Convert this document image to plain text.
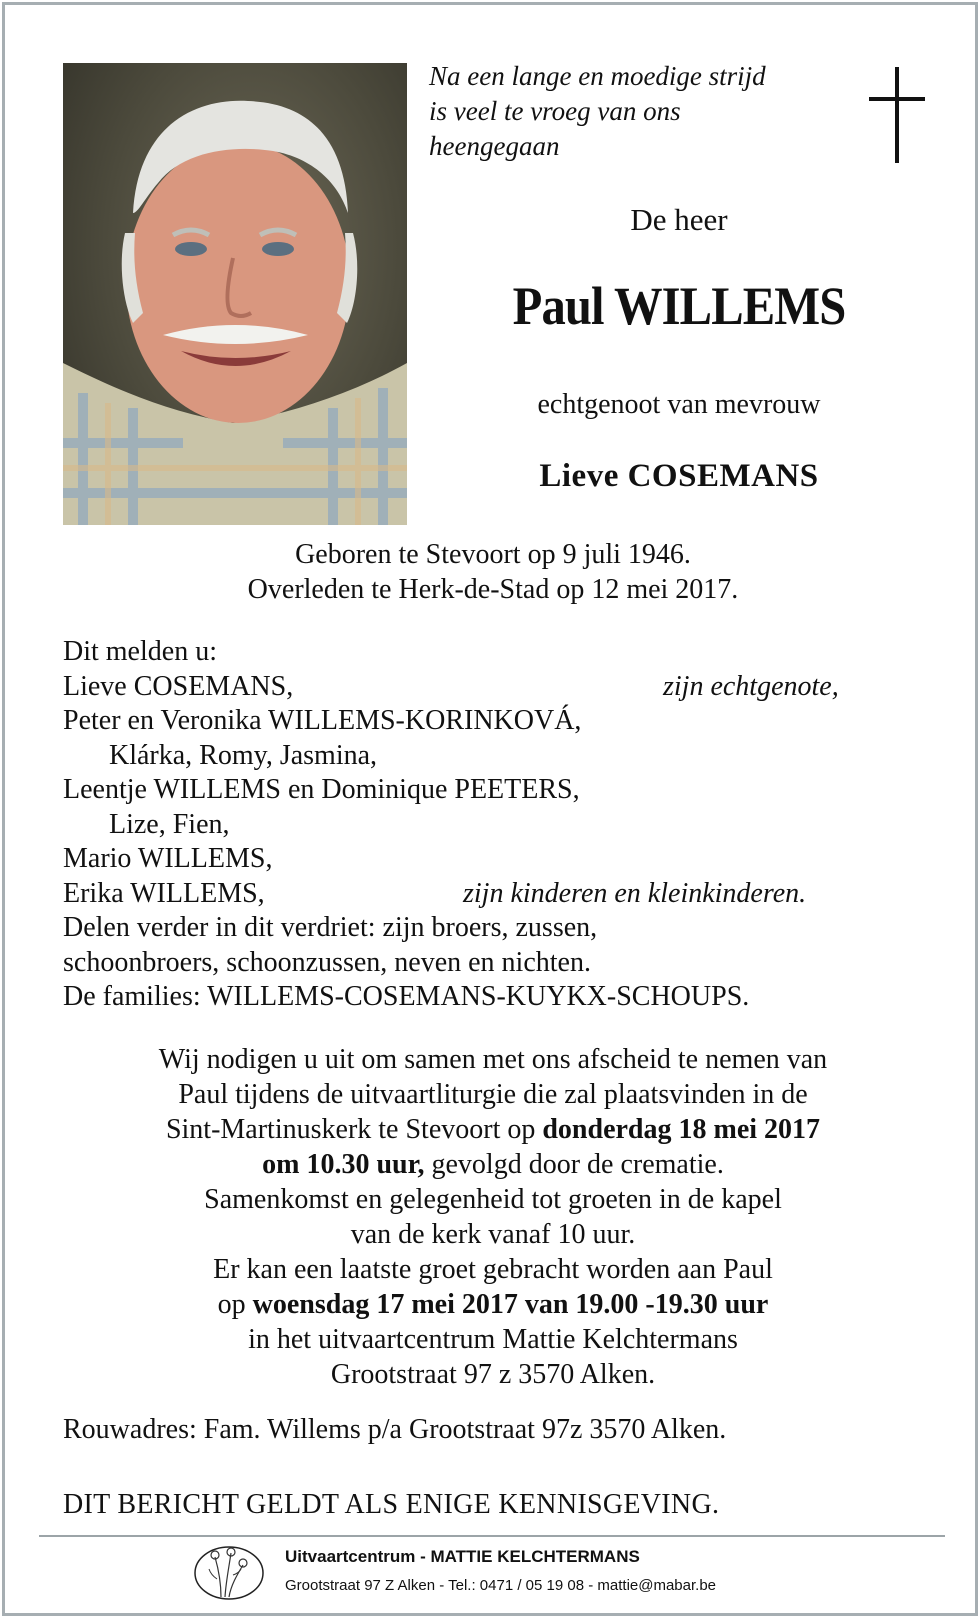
Na een lange en moedige strijd
is veel te vroeg van ons
heengegaan
De heer
Paul WILLEMS
echtgenoot van mevrouw
Lieve COSEMANS
Geboren te Stevoort op 9 juli 1946.
Overleden te Herk-de-Stad op 12 mei 2017.
Dit melden u:
Lieve COSEMANS,	zijn echtgenote,
Peter en Veronika WILLEMS-KORINKOVÁ,
Klárka, Romy, Jasmina,
Leentje WILLEMS en Dominique PEETERS,
Lize, Fien,
Mario WILLEMS,
Erika WILLEMS,	zijn kinderen en kleinkinderen.
Delen verder in dit verdriet: zijn broers, zussen,
schoonbroers, schoonzussen, neven en nichten.
De families: WILLEMS-COSEMANS-KUYKX-SCHOUPS.
Wij nodigen u uit om samen met ons afscheid te nemen van
Paul tijdens de uitvaartliturgie die zal plaatsvinden in de
Sint-Martinuskerk te Stevoort op donderdag 18 mei 2017
om 10.30 uur, gevolgd door de crematie.
Samenkomst en gelegenheid tot groeten in de kapel
van de kerk vanaf 10 uur.
Er kan een laatste groet gebracht worden aan Paul
op woensdag 17 mei 2017 van 19.00 -19.30 uur
in het uitvaartcentrum Mattie Kelchtermans
Grootstraat 97 z 3570 Alken.
Rouwadres: Fam. Willems p/a Grootstraat 97z 3570 Alken.
DIT BERICHT GELDT ALS ENIGE KENNISGEVING.
Uitvaartcentrum - MATTIE KELCHTERMANS
Grootstraat 97 Z Alken - Tel.: 0471 / 05 19 08 - mattie@mabar.be
